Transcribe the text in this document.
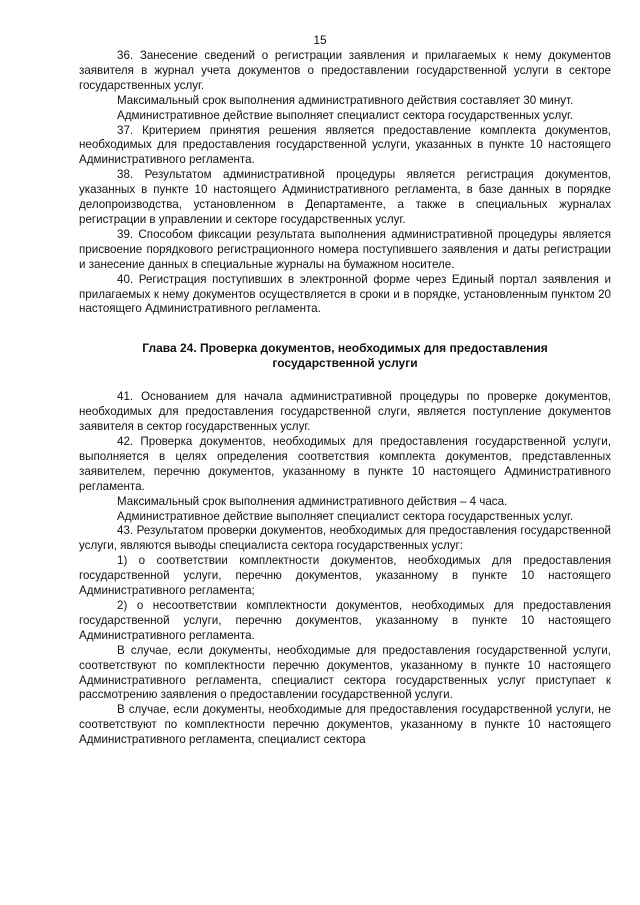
15

36. Занесение сведений о регистрации заявления и прилагаемых к нему документов заявителя в журнал учета документов о предоставлении государственной услуги в секторе государственных услуг.

Максимальный срок выполнения административного действия составляет 30 минут.

Административное действие выполняет специалист сектора государственных услуг.

37. Критерием принятия решения является предоставление комплекта документов, необходимых для предоставления государственной услуги, указанных в пункте 10 настоящего Административного регламента.

38. Результатом административной процедуры является регистрация документов, указанных в пункте 10 настоящего Административного регламента, в базе данных в порядке делопроизводства, установленном в Департаменте, а также в специальных журналах регистрации в управлении и секторе государственных услуг.

39. Способом фиксации результата выполнения административной процедуры является присвоение порядкового регистрационного номера поступившего заявления и даты регистрации и занесение данных в специальные журналы на бумажном носителе.

40. Регистрация поступивших в электронной форме через Единый портал заявления и прилагаемых к нему документов осуществляется в сроки и в порядке, установленным пунктом 20 настоящего Административного регламента.

Глава 24. Проверка документов, необходимых для предоставления государственной услуги

41. Основанием для начала административной процедуры по проверке документов, необходимых для предоставления государственной слуги, является поступление документов заявителя в сектор государственных услуг.

42. Проверка документов, необходимых для предоставления государственной услуги, выполняется в целях определения соответствия комплекта документов, представленных заявителем, перечню документов, указанному в пункте 10 настоящего Административного регламента.

Максимальный срок выполнения административного действия – 4 часа.

Административное действие выполняет специалист сектора государственных услуг.

43. Результатом проверки документов, необходимых для предоставления государственной услуги, являются выводы специалиста сектора государственных услуг:

1) о соответствии комплектности документов, необходимых для предоставления государственной услуги, перечню документов, указанному в пункте 10 настоящего Административного регламента;

2) о несоответствии комплектности документов, необходимых для предоставления государственной услуги, перечню документов, указанному в пункте 10 настоящего Административного регламента.

В случае, если документы, необходимые для предоставления государственной услуги, соответствуют по комплектности перечню документов, указанному в пункте 10 настоящего Административного регламента, специалист сектора государственных услуг приступает к рассмотрению заявления о предоставлении государственной услуги.

В случае, если документы, необходимые для предоставления государственной услуги, не соответствуют по комплектности перечню документов, указанному в пункте 10 настоящего Административного регламента, специалист сектора
